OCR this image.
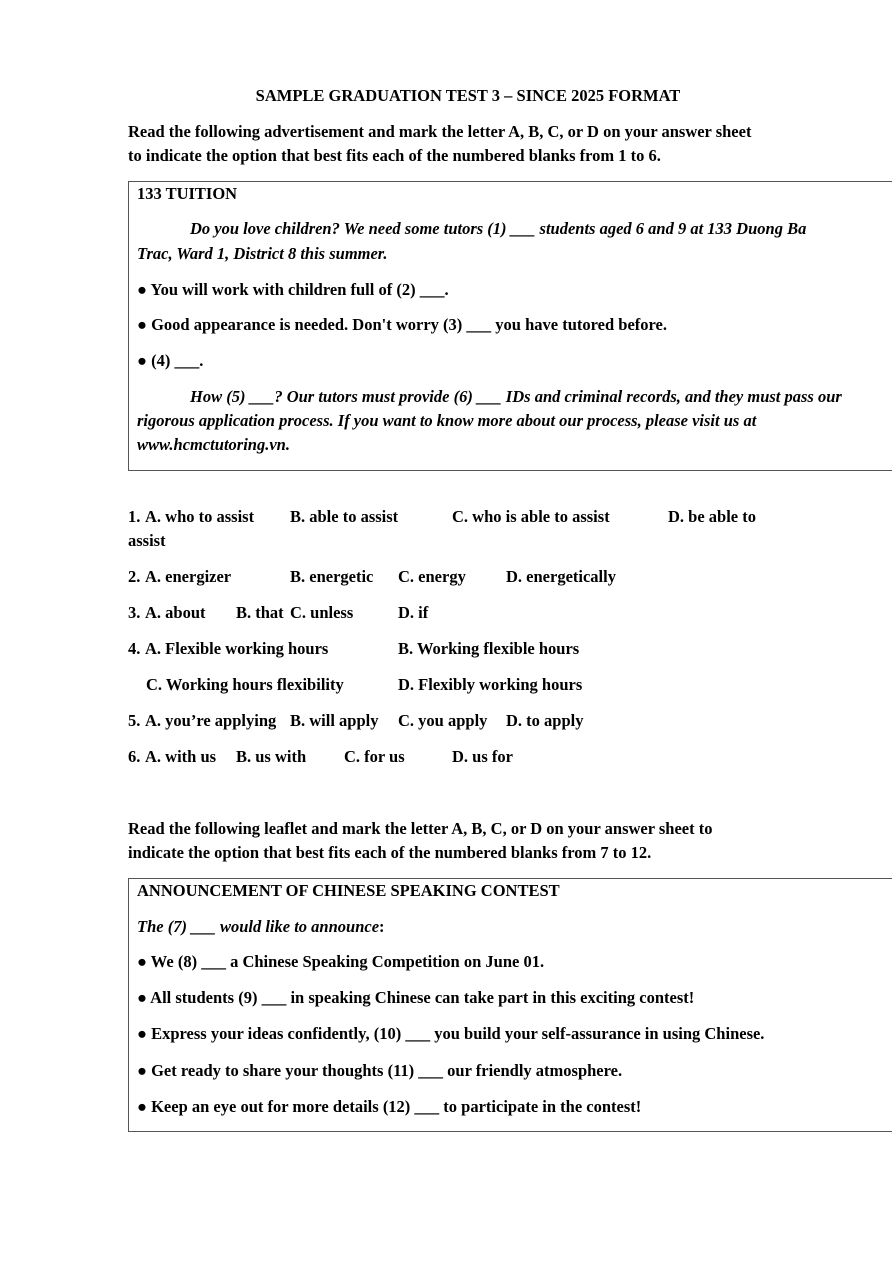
SAMPLE GRADUATION TEST 3 – SINCE 2025 FORMAT
Read the following advertisement and mark the letter A, B, C, or D on your answer sheet
to indicate the option that best fits each of the numbered blanks from 1 to 6.
133 TUITION
Do you love children? We need some tutors (1) ___ students aged 6 and 9 at 133 Duong Ba
Trac, Ward 1, District 8 this summer.
● You will work with children full of (2) ___.
● Good appearance is needed. Don't worry (3) ___ you have tutored before.
● (4) ___.
How (5) ___? Our tutors must provide (6) ___ IDs and criminal records, and they must pass our
rigorous application process. If you want to know more about our process, please visit us at
www.hcmctutoring.vn.
1. A. who to assist B. able to assist	C. who is able to assist	D. be able to
assist
2. A. energizer	B. energetic C. energy D. energetically
3. A. about B. that C. unless	D. if
4. A. Flexible working hours	B. Working flexible hours
C. Working hours flexibility	D. Flexibly working hours
5. A. you’re applying B. will apply C. you apply D. to apply
6. A. with us B. us with C. for us	D. us for
Read the following leaflet and mark the letter A, B, C, or D on your answer sheet to
indicate the option that best fits each of the numbered blanks from 7 to 12.
ANNOUNCEMENT OF CHINESE SPEAKING CONTEST
The (7) ___ would like to announce:
● We (8) ___ a Chinese Speaking Competition on June 01.
● All students (9) ___ in speaking Chinese can take part in this exciting contest!
● Express your ideas confidently, (10) ___ you build your self-assurance in using Chinese.
● Get ready to share your thoughts (11) ___ our friendly atmosphere.
● Keep an eye out for more details (12) ___ to participate in the contest!
